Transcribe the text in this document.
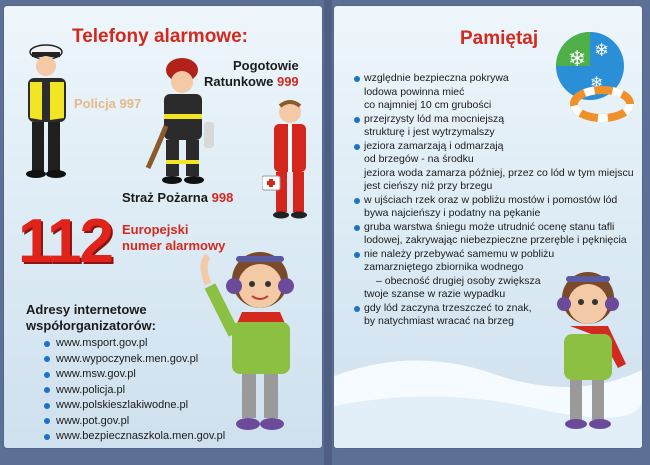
Telefony alarmowe:
Policja 997
Pogotowie
Ratunkowe 999
Straż Pożarna 998
112 Europejski
numer alarmowy
Adresy internetowe
współorganizatorów:
www.msport.gov.pl
www.wypoczynek.men.gov.pl
www.msw.gov.pl
www.policja.pl
www.polskieszlakiwodne.pl
www.pot.gov.pl
www.bezpiecznaszkola.men.gov.pl
Pamiętaj
❄ ❄
❄
względnie bezpieczna pokrywa
lodowa powinna mieć
co najmniej 10 cm grubości
przejrzysty lód ma mocniejszą
strukturę i jest wytrzymalszy
jeziora zamarzają i odmarzają
od brzegów - na środku
jeziora woda zamarza później, przez co lód w tym miejscu
jest cieńszy niż przy brzegu
w ujściach rzek oraz w pobliżu mostów i pomostów lód
bywa najcieńszy i podatny na pękanie
gruba warstwa śniegu może utrudnić ocenę stanu tafli
lodowej, zakrywając niebezpieczne przeręble i pęknięcia
nie należy przebywać samemu w pobliżu
zamarzniętego zbiornika wodnego
– obecność drugiej osoby zwiększa
twoje szanse w razie wypadku
gdy lód zaczyna trzeszczeć to znak,
by natychmiast wracać na brzeg
